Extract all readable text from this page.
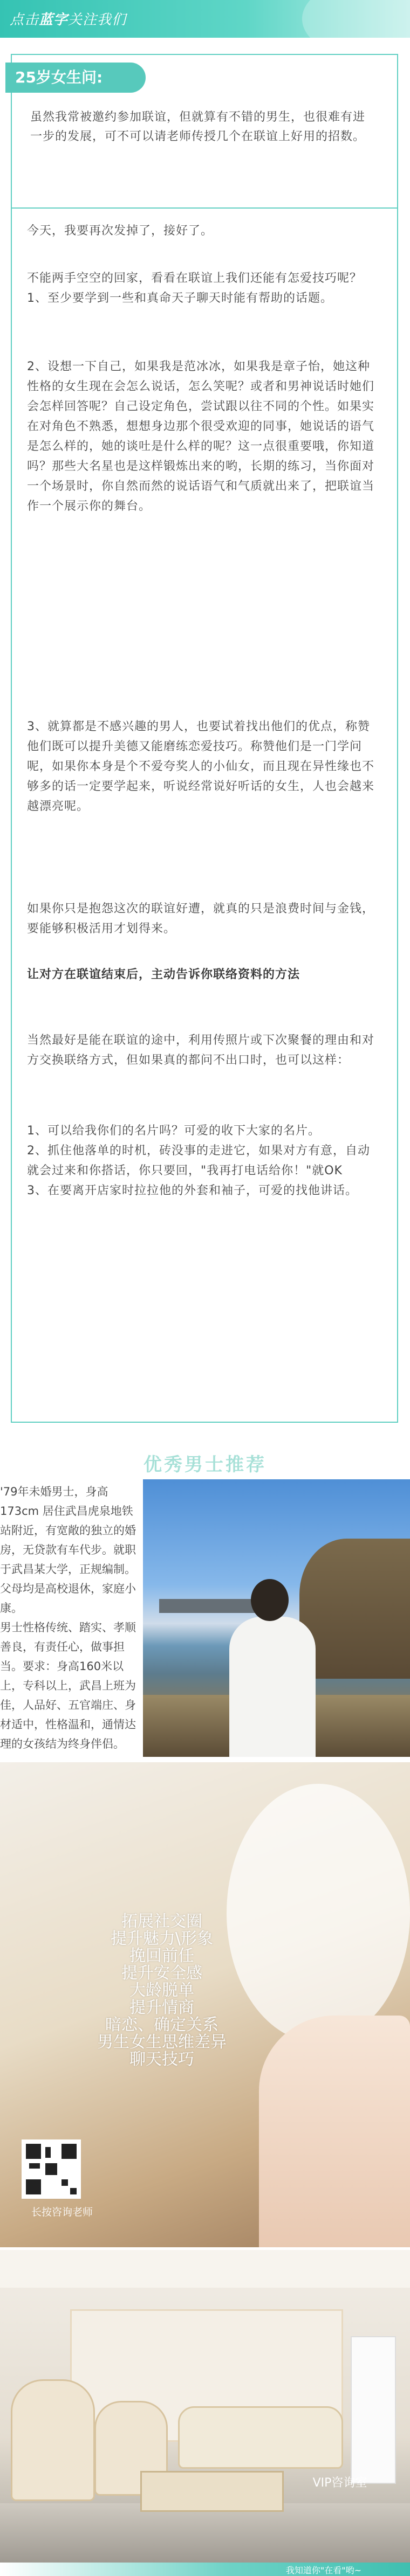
点击蓝字关注我们
25岁女生问:
虽然我常被邀约参加联谊，但就算有不错的男生，也很难有进一步的发展，可不可以请老师传授几个在联谊上好用的招数。
今天，我要再次发掉了，接好了。
不能两手空空的回家，看看在联谊上我们还能有怎爱技巧呢？
1、至少要学到一些和真命天子聊天时能有帮助的话题。
2、设想一下自己，如果我是范冰冰，如果我是章子怡，她这种性格的女生现在会怎么说话，怎么笑呢？或者和男神说话时她们会怎样回答呢？自己设定角色，尝试跟以往不同的个性。如果实在对角色不熟悉，想想身边那个很受欢迎的同事，她说话的语气是怎么样的，她的谈吐是什么样的呢？这一点很重要哦，你知道吗？那些大名星也是这样锻炼出来的哟，长期的练习，当你面对一个场景时，你自然而然的说话语气和气质就出来了，把联谊当作一个展示你的舞台。
3、就算都是不感兴趣的男人，也要试着找出他们的优点，称赞他们既可以提升美德又能磨练恋爱技巧。称赞他们是一门学问呢，如果你本身是个不爱夸奖人的小仙女，而且现在异性缘也不够多的话一定要学起来，听说经常说好听话的女生，人也会越来越漂亮呢。
如果你只是抱怨这次的联谊好遭，就真的只是浪费时间与金钱，要能够积极活用才划得来。
让对方在联谊结束后，主动告诉你联络资料的方法
当然最好是能在联谊的途中，利用传照片或下次聚餐的理由和对方交换联络方式，但如果真的都问不出口时，也可以这样：
1、可以给我你们的名片吗？可爱的收下大家的名片。
2、抓住他落单的时机，砖没事的走进它，如果对方有意，自动就会过来和你搭话，你只要回，"我再打电话给你！"就OK
3、在要离开店家时拉拉他的外套和袖子，可爱的找他讲话。
优秀男士推荐
'79年未婚男士，身高173cm 居住武昌虎泉地铁站附近，有宽敞的独立的婚房，无贷款有车代步。就职于武昌某大学，正规编制。
父母均是高校退休，家庭小康。
男士性格传统、踏实、孝顺善良，有责任心，做事担当。要求：身高160米以上，专科以上，武昌上班为佳，人品好、五官端庄、身材适中，性格温和，通情达理的女孩结为终身伴侣。
拓展社交圈
提升魅力\形象
挽回前任
提升安全感
大龄脱单
提升情商
暗恋、确定关系
男生女生思维差异
聊天技巧
长按咨询老师
VIP咨询室
我知道你"在看"哟~
